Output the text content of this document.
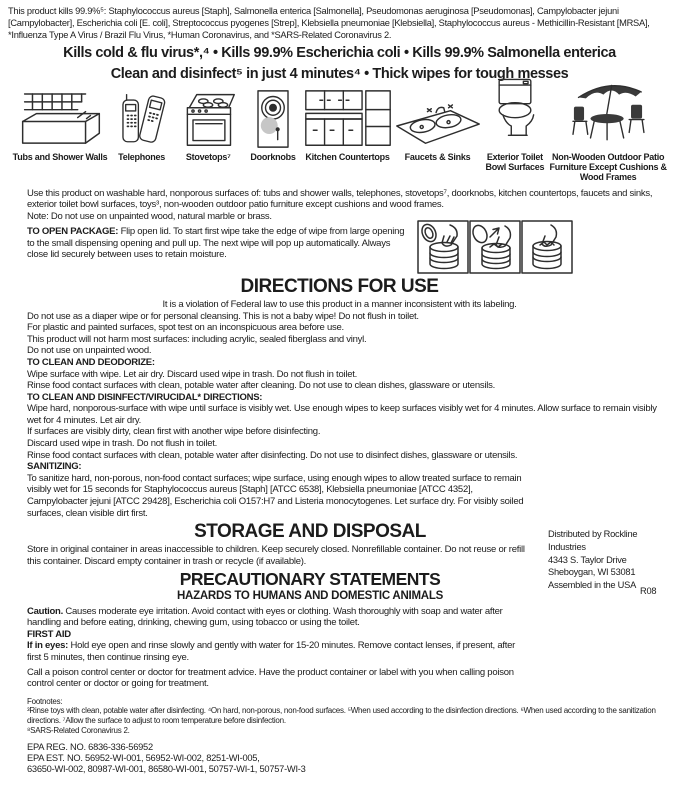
This product kills 99.9%⁵: Staphylococcus aureus [Staph], Salmonella enterica [Salmonella], Pseudomonas aeruginosa [Pseudomonas], Campylobacter jejuni [Campylobacter], Escherichia coli [E. coli], Streptococcus pyogenes [Strep], Klebsiella pneumoniae [Klebsiella], Staphylococcus aureus - Methicillin-Resistant [MRSA], *Influenza Type A Virus / Brazil Flu Virus, *Human Coronavirus, and *SARS-Related Coronavirus 2.

Kills cold & flu virus*,⁴ • Kills 99.9% Escherichia coli • Kills 99.9% Salmonella enterica
Clean and disinfect⁵ in just 4 minutes⁴ • Thick wipes for tough messes
Tubs and Shower Walls Telephones Stovetops⁷ Doorknobs Kitchen Countertops Faucets & Sinks	Exterior Toilet Bowl Surfaces
Non-Wooden Outdoor Patio Furniture Except Cushions & Wood Frames
Use this product on washable hard, nonporous surfaces of: tubs and shower walls, telephones, stovetops⁷, doorknobs, kitchen countertops, faucets and sinks, exterior toilet bowl surfaces, toys³, non-wooden outdoor patio furniture except cushions and wood frames.
Note: Do not use on unpainted wood, natural marble or brass.
TO OPEN PACKAGE: Flip open lid. To start first wipe take the edge of wipe from large opening to the small dispensing opening and pull up. The next wipe will pop up automatically. Always close lid securely between uses to retain moisture.
DIRECTIONS FOR USE
It is a violation of Federal law to use this product in a manner inconsistent with its labeling.
Do not use as a diaper wipe or for personal cleansing. This is not a baby wipe! Do not flush in toilet.
For plastic and painted surfaces, spot test on an inconspicuous area before use.
This product will not harm most surfaces: including acrylic, sealed fiberglass and vinyl.
Do not use on unpainted wood.
TO CLEAN AND DEODORIZE:
Wipe surface with wipe. Let air dry. Discard used wipe in trash. Do not flush in toilet.
Rinse food contact surfaces with clean, potable water after cleaning. Do not use to clean dishes, glassware or utensils.
TO CLEAN AND DISINFECT/VIRUCIDAL* DIRECTIONS:
Wipe hard, nonporous-surface with wipe until surface is visibly wet. Use enough wipes to keep surfaces visibly wet for 4 minutes. Allow surface to remain visibly wet for 4 minutes. Let air dry.
If surfaces are visibly dirty, clean first with another wipe before disinfecting.
Discard used wipe in trash. Do not flush in toilet.
Rinse food contact surfaces with clean, potable water after disinfecting. Do not use to disinfect dishes, glassware or utensils.
SANITIZING:
To sanitize hard, non-porous, non-food contact surfaces; wipe surface, using enough wipes to allow treated surface to remain visibly wet for 15 seconds for Staphylococcus aureus [Staph] [ATCC 6538], Klebsiella pneumoniae [ATCC 4352], Campylobacter jejuni [ATCC 29428], Escherichia coli O157:H7 and Listeria monocytogenes. Let surface dry. For visibly soiled surfaces, clean visible dirt first.
STORAGE AND DISPOSAL
Store in original container in areas inaccessible to children. Keep securely closed. Nonrefillable container. Do not reuse or refill this container. Discard empty container in trash or recycle (if available).
PRECAUTIONARY STATEMENTS
HAZARDS TO HUMANS AND DOMESTIC ANIMALS
Caution. Causes moderate eye irritation. Avoid contact with eyes or clothing. Wash thoroughly with soap and water after handling and before eating, drinking, chewing gum, using tobacco or using the toilet.
FIRST AID
If in eyes: Hold eye open and rinse slowly and gently with water for 15-20 minutes. Remove contact lenses, if present, after first 5 minutes, then continue rinsing eye.
Call a poison control center or doctor for treatment advice. Have the product container or label with you when calling poison control center or doctor or going for treatment.
Footnotes:
³Rinse toys with clean, potable water after disinfecting. ⁴On hard, non-porous, non-food surfaces. ⁵When used according to the disinfection directions. ⁶When used according to the sanitization directions. ⁷Allow the surface to adjust to room temperature before disinfection.
⁸SARS-Related Coronavirus 2.
EPA REG. NO. 6836-336-56952
EPA EST. NO. 56952-WI-001, 56952-WI-002, 8251-WI-005,
63650-WI-002, 80987-WI-001, 86580-WI-001, 50757-WI-1, 50757-WI-3
Distributed by Rockline Industries
4343 S. Taylor Drive
Sheboygan, WI 53081
Assembled in the USA
R08
